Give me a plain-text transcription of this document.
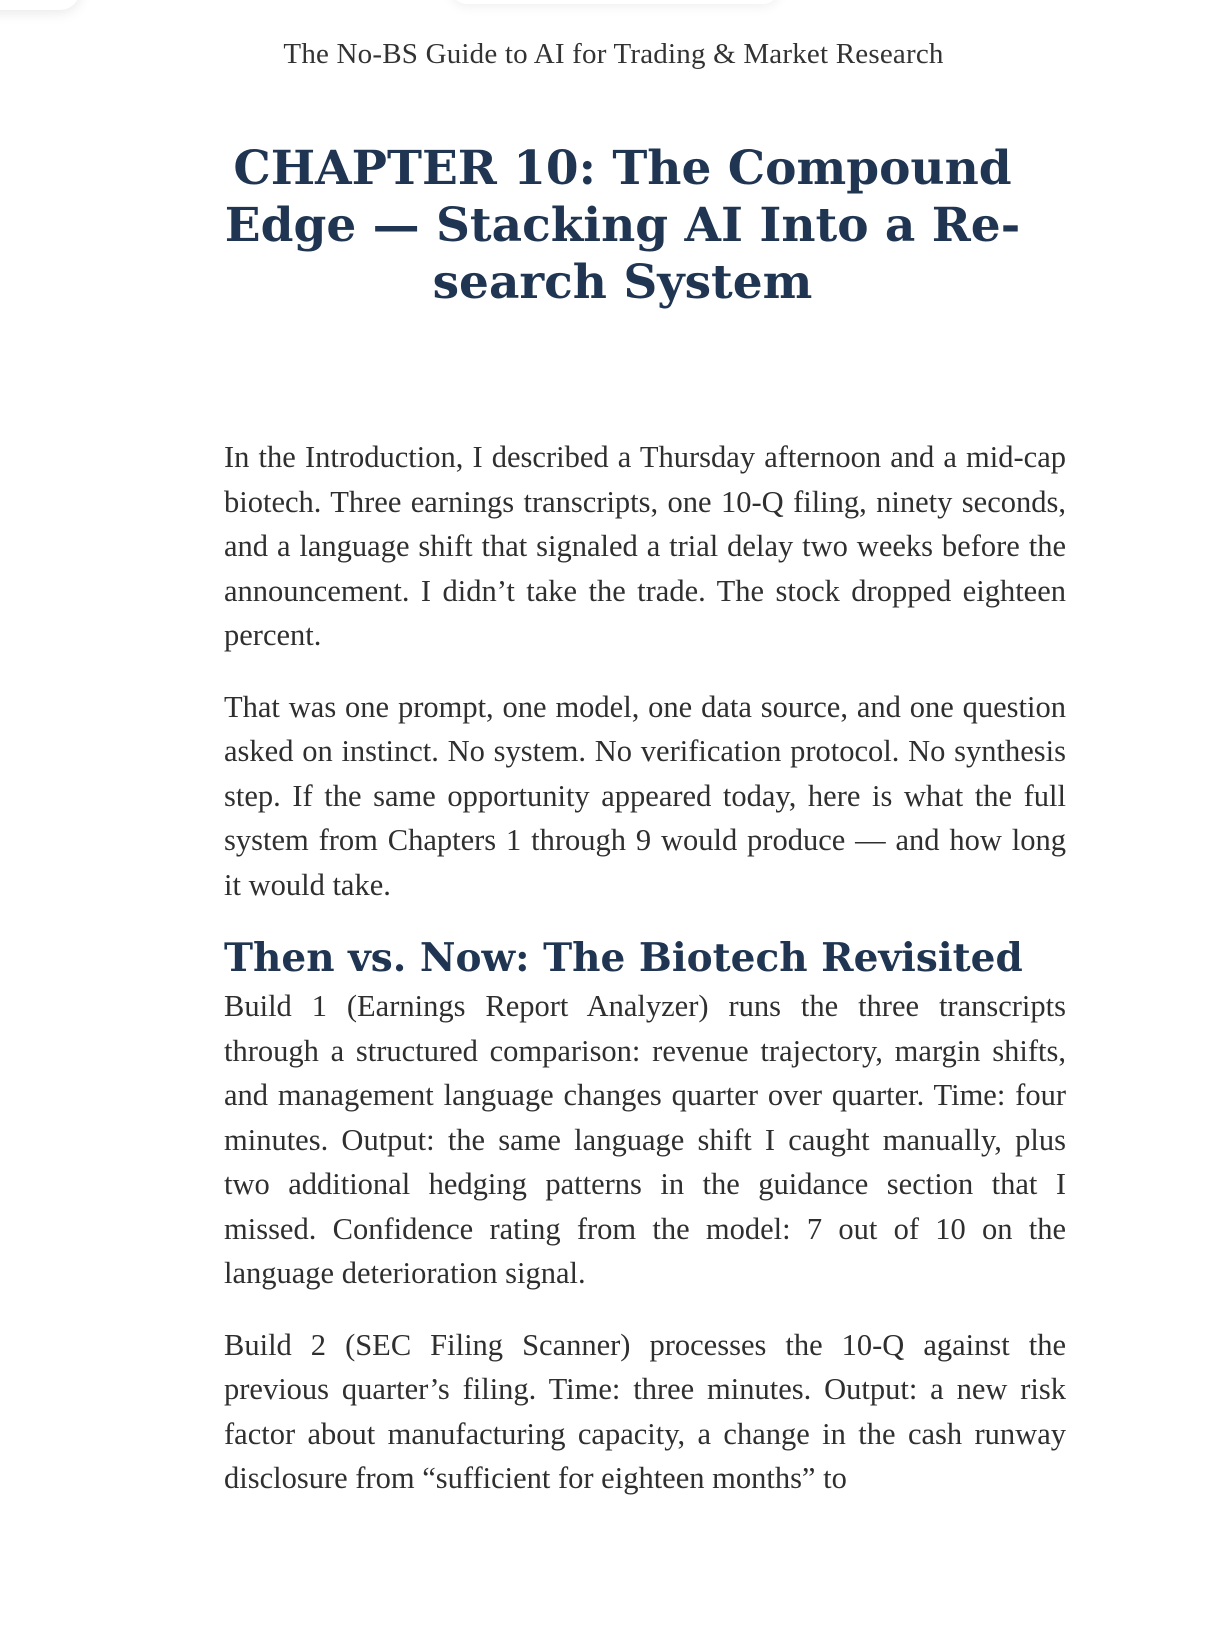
The No-BS Guide to AI for Trading & Market Research
CHAPTER 10: The Compound Edge — Stacking AI Into a Research System

In the Introduction, I described a Thursday afternoon and a mid-cap biotech. Three earnings transcripts, one 10-Q filing, ninety seconds, and a language shift that signaled a trial delay two weeks before the announcement. I didn’t take the trade. The stock dropped eighteen percent.

That was one prompt, one model, one data source, and one question asked on instinct. No system. No verification protocol. No synthesis step. If the same opportunity appeared today, here is what the full system from Chapters 1 through 9 would produce — and how long it would take.

Then vs. Now: The Biotech Revisited

Build 1 (Earnings Report Analyzer) runs the three transcripts through a structured comparison: revenue trajectory, margin shifts, and management language changes quarter over quarter. Time: four minutes. Output: the same language shift I caught manually, plus two additional hedging patterns in the guidance section that I missed. Confidence rating from the model: 7 out of 10 on the language deterioration signal.

Build 2 (SEC Filing Scanner) processes the 10-Q against the previous quarter’s filing. Time: three minutes. Output: a new risk factor about manufacturing capacity, a change in the cash runway disclosure from “sufficient for eighteen months” to
